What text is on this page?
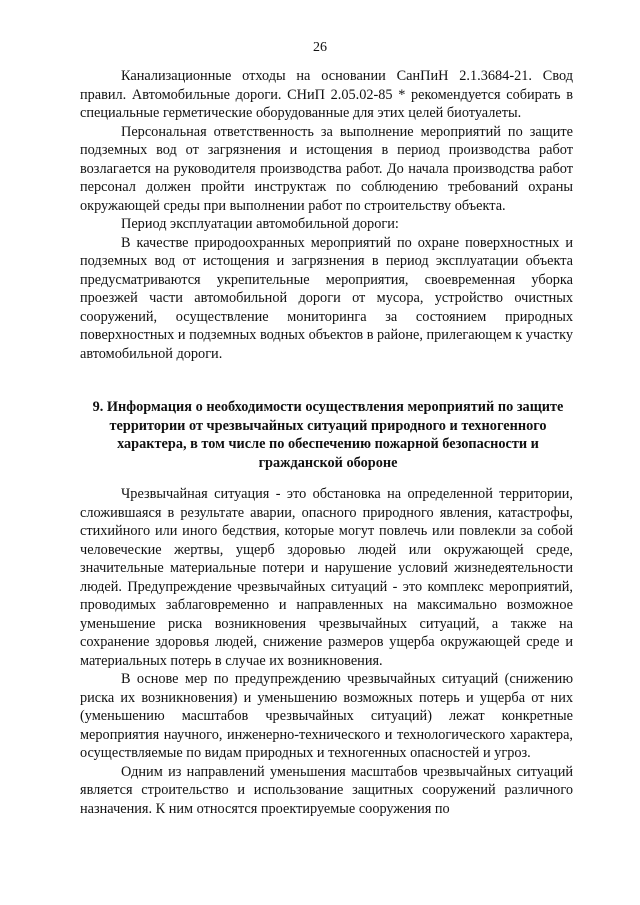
26

Канализационные отходы на основании СанПиН 2.1.3684-21. Свод правил. Автомобильные дороги. СНиП 2.05.02-85 * рекомендуется собирать в специальные герметические оборудованные для этих целей биотуалеты.

Персональная ответственность за выполнение мероприятий по защите подземных вод от загрязнения и истощения в период производства работ возлагается на руководителя производства работ. До начала производства работ персонал должен пройти инструктаж по соблюдению требований охраны окружающей среды при выполнении работ по строительству объекта.

Период эксплуатации автомобильной дороги:

В качестве природоохранных мероприятий по охране поверхностных и подземных вод от истощения и загрязнения в период эксплуатации объекта предусматриваются укрепительные мероприятия, своевременная уборка проезжей части автомобильной дороги от мусора, устройство очистных сооружений, осуществление мониторинга за состоянием природных поверхностных и подземных водных объектов в районе, прилегающем к участку автомобильной дороги.

9. Информация о необходимости осуществления мероприятий по защите территории от чрезвычайных ситуаций природного и техногенного характера, в том числе по обеспечению пожарной безопасности и гражданской обороне

Чрезвычайная ситуация - это обстановка на определенной территории, сложившаяся в результате аварии, опасного природного явления, катастрофы, стихийного или иного бедствия, которые могут повлечь или повлекли за собой человеческие жертвы, ущерб здоровью людей или окружающей среде, значительные материальные потери и нарушение условий жизнедеятельности людей. Предупреждение чрезвычайных ситуаций - это комплекс мероприятий, проводимых заблаговременно и направленных на максимально возможное уменьшение риска возникновения чрезвычайных ситуаций, а также на сохранение здоровья людей, снижение размеров ущерба окружающей среде и материальных потерь в случае их возникновения.

В основе мер по предупреждению чрезвычайных ситуаций (снижению риска их возникновения) и уменьшению возможных потерь и ущерба от них (уменьшению масштабов чрезвычайных ситуаций) лежат конкретные мероприятия научного, инженерно-технического и технологического характера, осуществляемые по видам природных и техногенных опасностей и угроз.

Одним из направлений уменьшения масштабов чрезвычайных ситуаций является строительство и использование защитных сооружений различного назначения. К ним относятся проектируемые сооружения по
